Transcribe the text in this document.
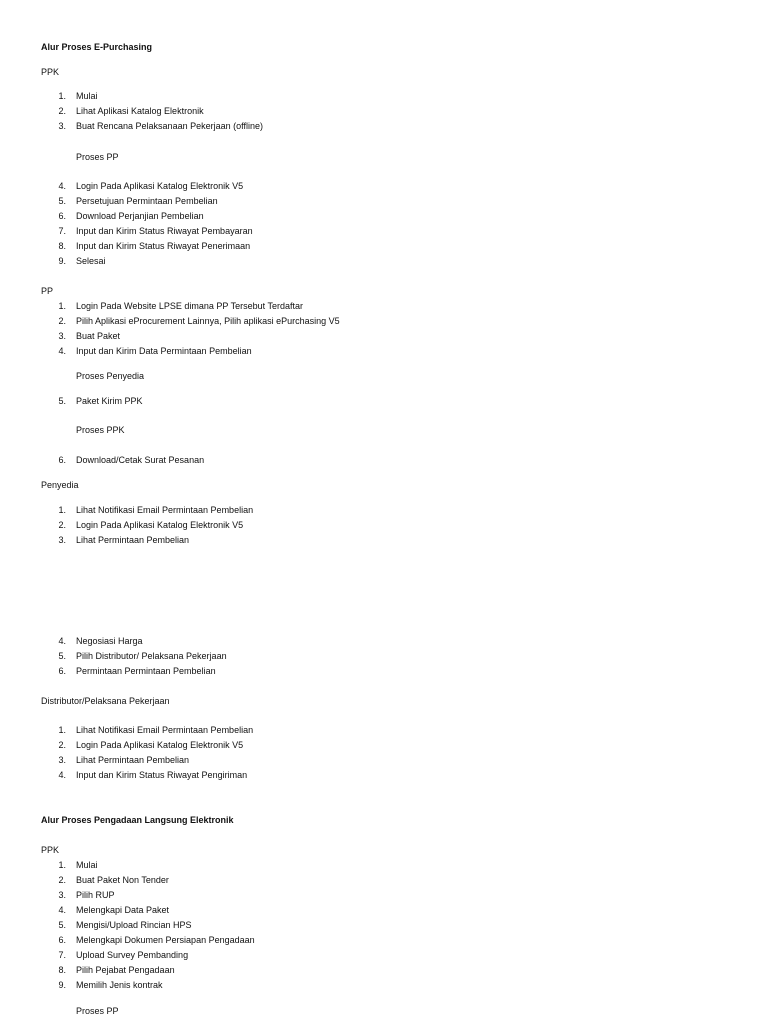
Alur Proses E-Purchasing
PPK
1. Mulai
2. Lihat Aplikasi Katalog Elektronik
3. Buat Rencana Pelaksanaan Pekerjaan (offline)
Proses PP
4. Login Pada Aplikasi Katalog Elektronik V5
5. Persetujuan Permintaan Pembelian
6. Download Perjanjian Pembelian
7. Input dan Kirim Status Riwayat Pembayaran
8. Input dan Kirim Status Riwayat Penerimaan
9. Selesai
PP
1. Login Pada Website LPSE dimana PP Tersebut Terdaftar
2. Pilih Aplikasi eProcurement Lainnya, Pilih aplikasi ePurchasing V5
3. Buat Paket
4. Input dan Kirim Data Permintaan Pembelian
Proses Penyedia
5. Paket Kirim PPK
Proses PPK
6. Download/Cetak Surat Pesanan
Penyedia
1. Lihat Notifikasi Email Permintaan Pembelian
2. Login Pada Aplikasi Katalog Elektronik V5
3. Lihat Permintaan Pembelian
4. Negosiasi Harga
5. Pilih Distributor/ Pelaksana Pekerjaan
6. Permintaan Permintaan Pembelian
Distributor/Pelaksana Pekerjaan
1. Lihat Notifikasi Email Permintaan Pembelian
2. Login Pada Aplikasi Katalog Elektronik V5
3. Lihat Permintaan Pembelian
4. Input dan Kirim Status Riwayat Pengiriman
Alur Proses Pengadaan Langsung Elektronik
PPK
1. Mulai
2. Buat Paket Non Tender
3. Pilih RUP
4. Melengkapi Data Paket
5. Mengisi/Upload Rincian HPS
6. Melengkapi Dokumen Persiapan Pengadaan
7. Upload Survey Pembanding
8. Pilih Pejabat Pengadaan
9. Memilih Jenis kontrak
Proses PP
